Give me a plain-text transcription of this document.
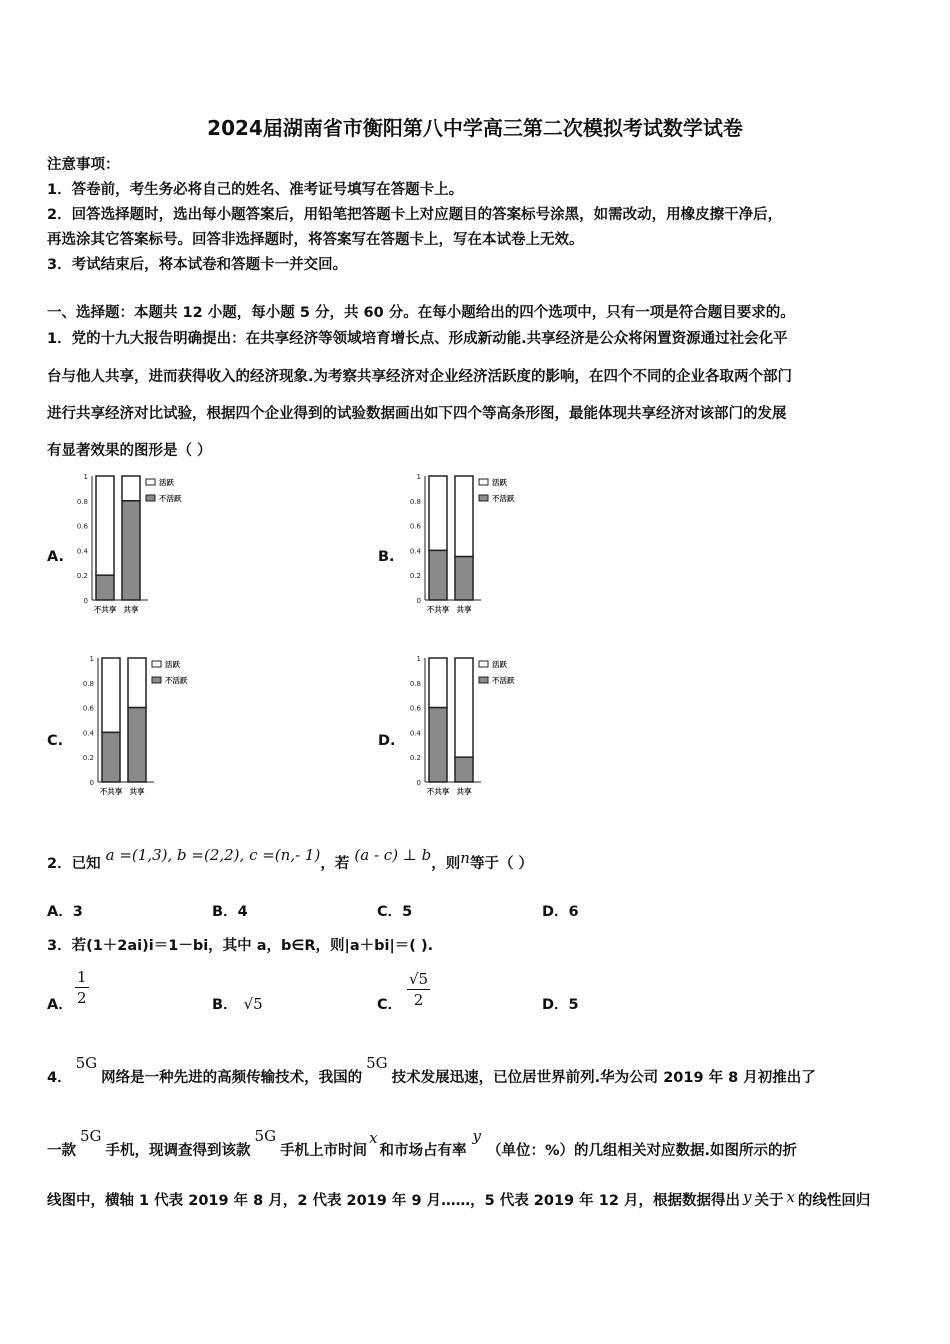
2024届湖南省市衡阳第八中学高三第二次模拟考试数学试卷
注意事项：
1．答卷前，考生务必将自己的姓名、准考证号填写在答题卡上。
2．回答选择题时，选出每小题答案后，用铅笔把答题卡上对应题目的答案标号涂黑，如需改动，用橡皮擦干净后，
再选涂其它答案标号。回答非选择题时，将答案写在答题卡上，写在本试卷上无效。
3．考试结束后，将本试卷和答题卡一并交回。
一、选择题：本题共 12 小题，每小题 5 分，共 60 分。在每小题给出的四个选项中，只有一项是符合题目要求的。
1．党的十九大报告明确提出：在共享经济等领域培育增长点、形成新动能.共享经济是公众将闲置资源通过社会化平
台与他人共享，进而获得收入的经济现象.为考察共享经济对企业经济活跃度的影响，在四个不同的企业各取两个部门
进行共享经济对比试验，根据四个企业得到的试验数据画出如下四个等高条形图，最能体现共享经济对该部门的发展
有显著效果的图形是（ ）
A.	B.
C.	D.
0
0.2
0.4
0.6
0.8
1
不共享 共享
活跃
不活跃
0
0.2
0.4
0.6
0.8
1
不共享 共享
活跃
不活跃
0
0.2
0.4
0.6
0.8
1
不共享 共享
活跃
不活跃
0
0.2
0.4
0.6
0.8
1
不共享 共享
活跃
不活跃
2．已知 a =(1,3), b =(2,2), c =(n,- 1)，若 (a - c) ⊥ b，则n等于（ ）
A．3	B．4	C．5	D．6
3．若(1＋2ai)i＝1－bi，其中 a，b∈R，则|a＋bi|＝( ).
A． $\frac{1}{2}$	B． √5	C． $\frac{√5}{2}$	D．5
4．5G网络是一种先进的高频传输技术，我国的5G技术发展迅速，已位居世界前列.华为公司 2019 年 8 月初推出了
一款5G手机，现调查得到该款5G手机上市时间x和市场占有率y（单位：%）的几组相关对应数据.如图所示的折
线图中，横轴 1 代表 2019 年 8 月，2 代表 2019 年 9 月……，5 代表 2019 年 12 月，根据数据得出 y 关于 x 的线性回归
